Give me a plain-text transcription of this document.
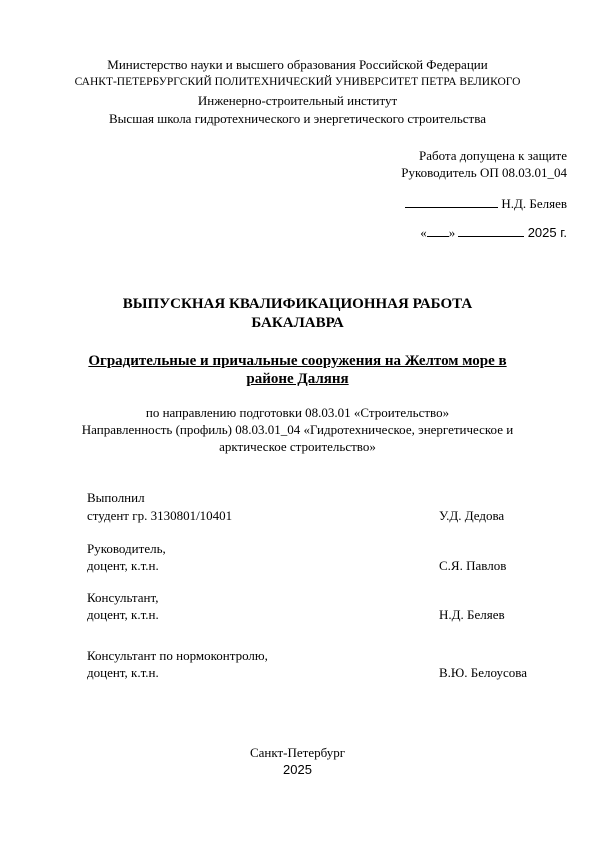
Министерство науки и высшего образования Российской Федерации
САНКТ-ПЕТЕРБУРГСКИЙ ПОЛИТЕХНИЧЕСКИЙ УНИВЕРСИТЕТ ПЕТРА ВЕЛИКОГО
Инженерно-строительный институт
Высшая школа гидротехнического и энергетического строительства
Работа допущена к защите
Руководитель ОП 08.03.01_04
Н.Д. Беляев
« »	2025 г.
ВЫПУСКНАЯ КВАЛИФИКАЦИОННАЯ РАБОТА
БАКАЛАВРА
Оградительные и причальные сооружения на Желтом море в
районе Даляня
по направлению подготовки 08.03.01 «Строительство»
Направленность (профиль) 08.03.01_04 «Гидротехническое, энергетическое и
арктическое строительство»
Выполнил
студент гр. 3130801/10401	У.Д. Дедова
Руководитель,
доцент, к.т.н.	С.Я. Павлов
Консультант,
доцент, к.т.н.	Н.Д. Беляев
Консультант по нормоконтролю,
доцент, к.т.н.	В.Ю. Белоусова
Санкт-Петербург
2025
